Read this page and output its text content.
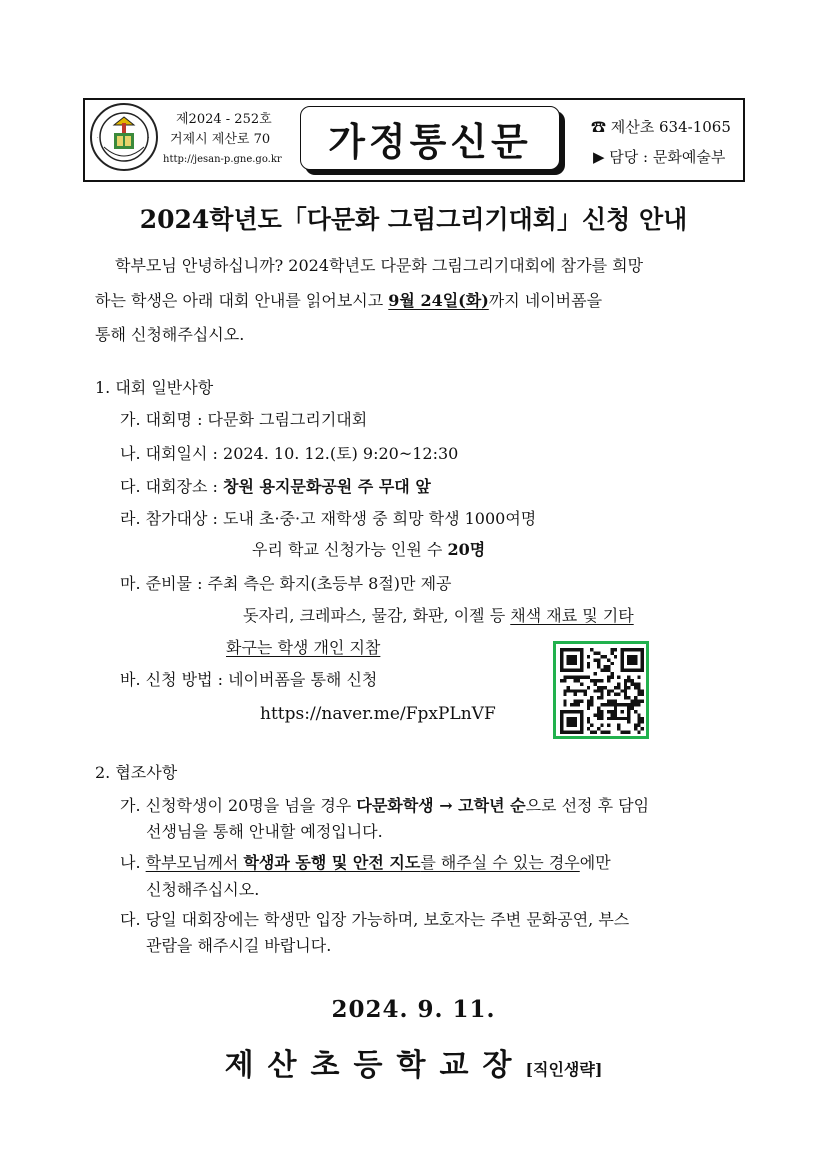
·	·
제2024 - 252호
거제시 제산로 70
http://jesan-p.gne.go.kr 가정통신문	☎ 제산초 634-1065
▶ 담당 : 문화예술부
2024학년도「다문화 그림그리기대회」신청 안내
학부모님 안녕하십니까? 2024학년도 다문화 그림그리기대회에 참가를 희망
하는 학생은 아래 대회 안내를 읽어보시고 9월 24일(화)까지 네이버폼을
통해 신청해주십시오.
1. 대회 일반사항
가. 대회명 : 다문화 그림그리기대회
나. 대회일시 : 2024. 10. 12.(토) 9:20~12:30
다. 대회장소 : 창원 용지문화공원 주 무대 앞
라. 참가대상 : 도내 초·중·고 재학생 중 희망 학생 1000여명
우리 학교 신청가능 인원 수 20명
마. 준비물 : 주최 측은 화지(초등부 8절)만 제공
돗자리, 크레파스, 물감, 화판, 이젤 등 채색 재료 및 기타
화구는 학생 개인 지참
바. 신청 방법 : 네이버폼을 통해 신청
https://naver.me/FpxPLnVF
2. 협조사항
가. 신청학생이 20명을 넘을 경우 다문화학생 → 고학년 순으로 선정 후 담임
선생님을 통해 안내할 예정입니다.
나. 학부모님께서 학생과 동행 및 안전 지도를 해주실 수 있는 경우에만
신청해주십시오.
다. 당일 대회장에는 학생만 입장 가능하며, 보호자는 주변 문화공연, 부스
관람을 해주시길 바랍니다.
2024. 9. 11.
제산초등학교장[직인생략]
